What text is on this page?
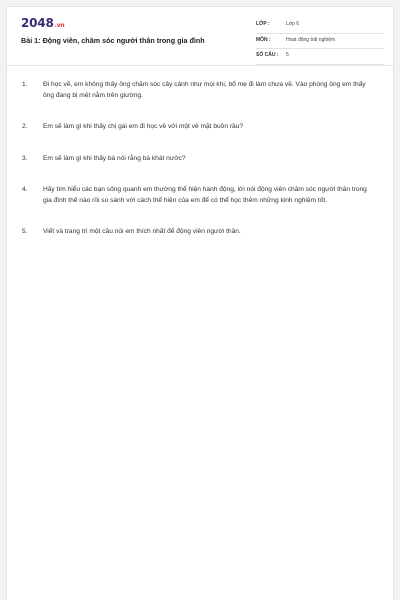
2048.vn
Bài 1: Động viên, chăm sóc người thân trong gia đình
LỚP :	Lớp 6
MÔN :	Hoạt động trải nghiệm
SỐ CÂU : 5
1. Đi học về, em không thấy ông chăm sóc cây cảnh như mọi khi, bố mẹ đi làm chưa về. Vào phòng ông em thấy ông đang bị mệt nằm trên giường.
2. Em sẽ làm gì khi thấy chị gái em đi học về với một vẻ mặt buồn rầu?
3. Em sẽ làm gì khi thấy bà nói rằng bà khát nước?
4. Hãy tìm hiểu các bạn sống quanh em thường thể hiện hành động, lời nói động viên chăm sóc người thân trong gia đình thế nào rồi so sánh với cách thể hiện của em để có thể học thêm những kinh nghiệm tốt.
5. Viết và trang trí một câu nói em thích nhất để động viên người thân.
